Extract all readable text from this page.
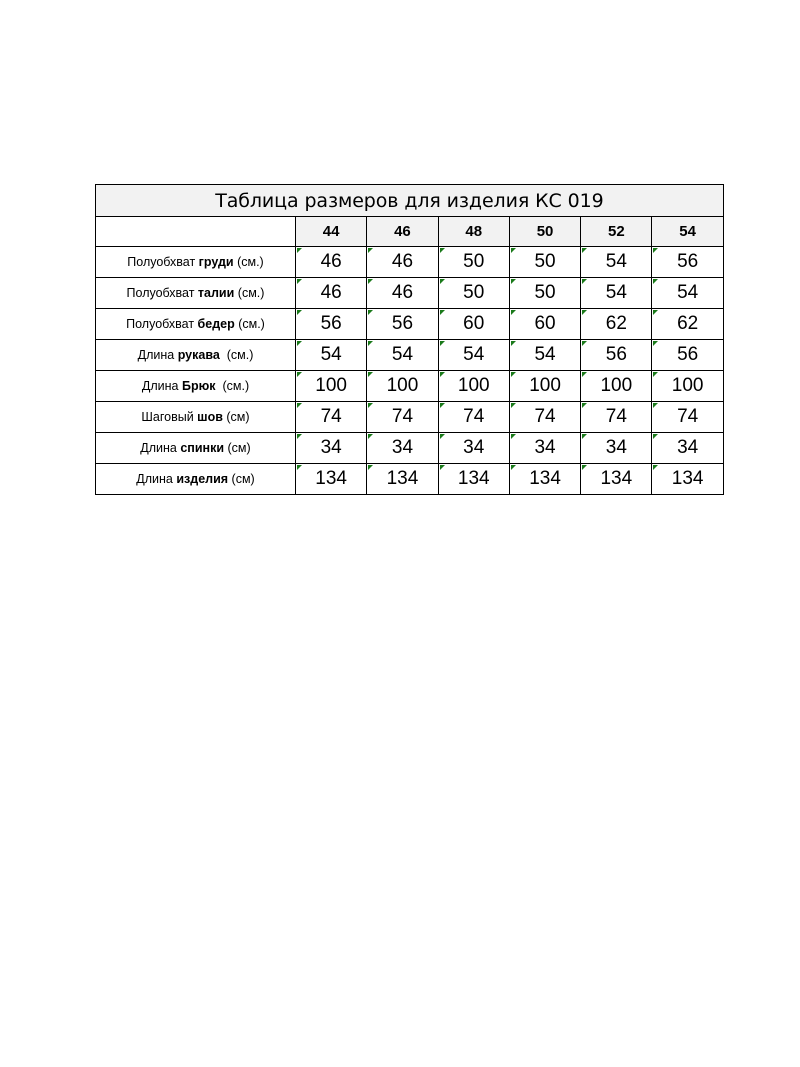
Таблица размеров для изделия КС 019						
	44	46	48	50	52	54
Полуобхват груди (см.)	46	46	50	50	54	56
Полуобхват талии (см.)	46	46	50	50	54	54
Полуобхват бедер (см.)	56	56	60	60	62	62
Длина рукава  (см.)	54	54	54	54	56	56
Длина Брюк  (см.)	100	100	100	100	100	100
Шаговый шов (см)	74	74	74	74	74	74
Длина спинки (см)	34	34	34	34	34	34
Длина изделия (см)	134	134	134	134	134	134
